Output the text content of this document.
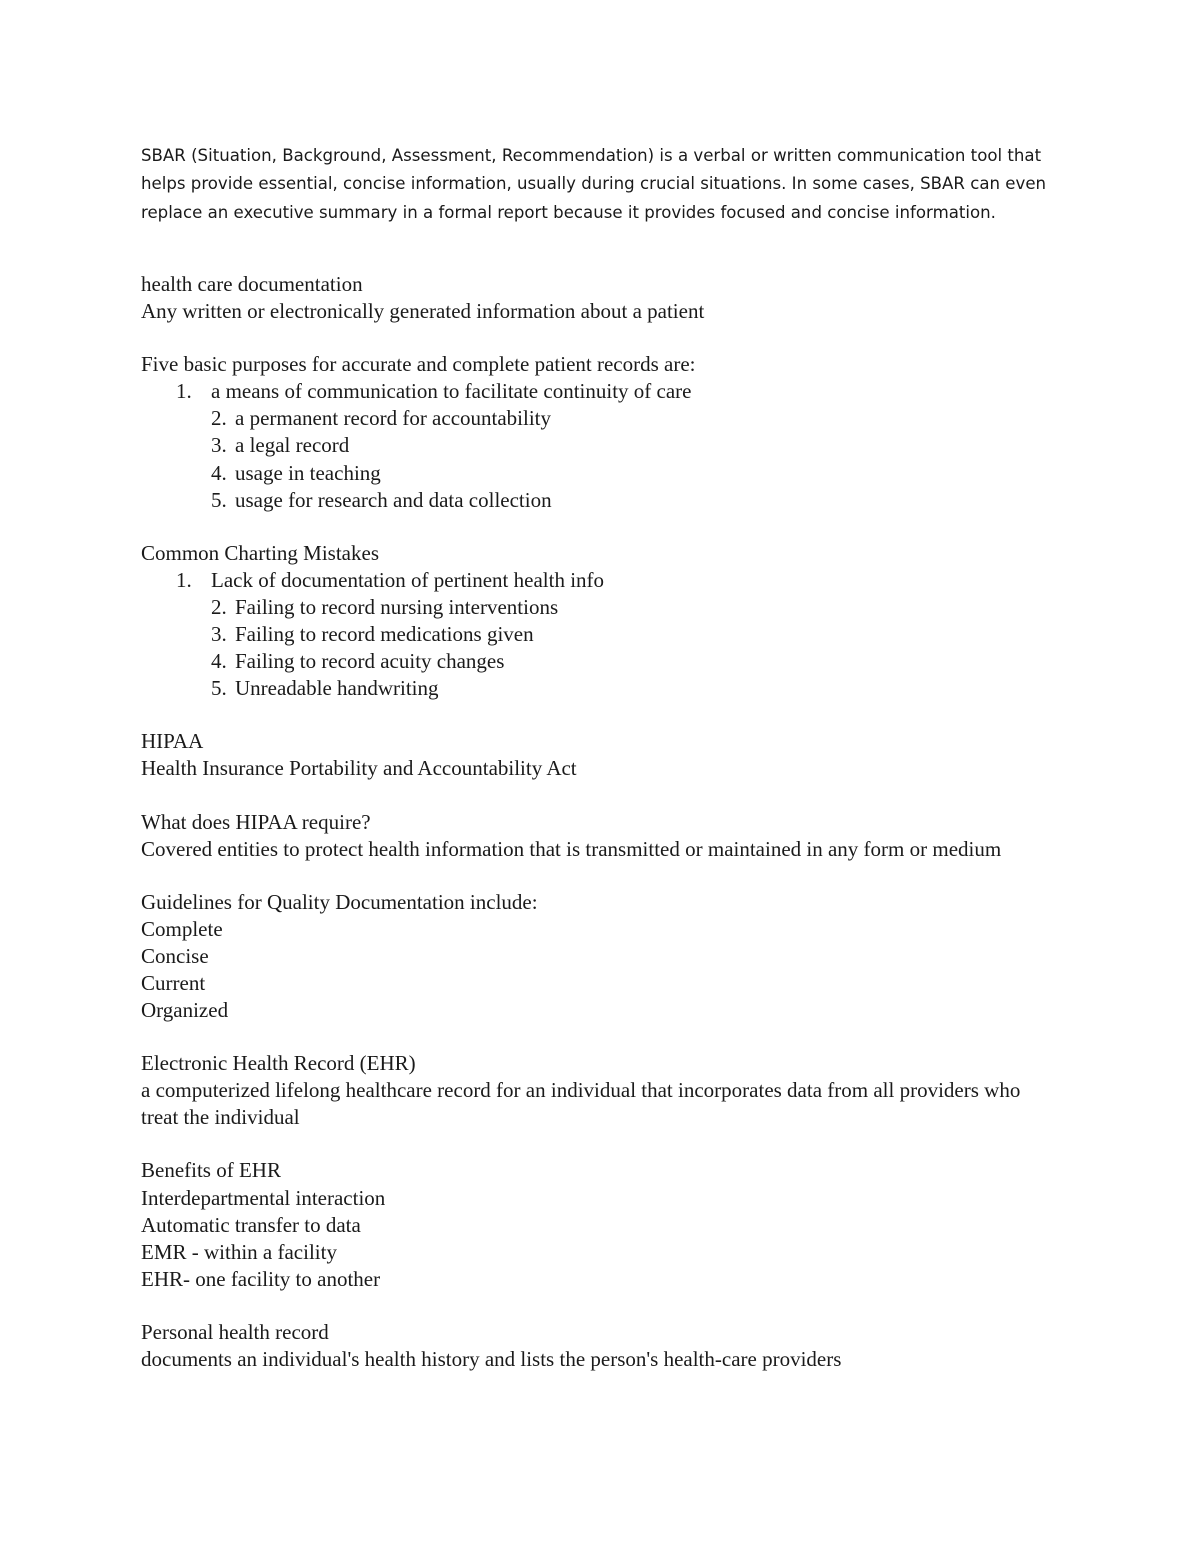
SBAR (Situation, Background, Assessment, Recommendation) is a verbal or written communication tool that helps provide essential, concise information, usually during crucial situations. In some cases, SBAR can even replace an executive summary in a formal report because it provides focused and concise information.

health care documentation
Any written or electronically generated information about a patient
Five basic purposes for accurate and complete patient records are:
1. a means of communication to facilitate continuity of care
2. a permanent record for accountability
3. a legal record
4. usage in teaching
5. usage for research and data collection
Common Charting Mistakes
1. Lack of documentation of pertinent health info
2. Failing to record nursing interventions
3. Failing to record medications given
4. Failing to record acuity changes
5. Unreadable handwriting
HIPAA
Health Insurance Portability and Accountability Act
What does HIPAA require?
Covered entities to protect health information that is transmitted or maintained in any form or medium
Guidelines for Quality Documentation include:
Complete
Concise
Current
Organized
Electronic Health Record (EHR)
a computerized lifelong healthcare record for an individual that incorporates data from all providers who treat the individual
Benefits of EHR
Interdepartmental interaction
Automatic transfer to data
EMR - within a facility
EHR- one facility to another
Personal health record
documents an individual's health history and lists the person's health-care providers
